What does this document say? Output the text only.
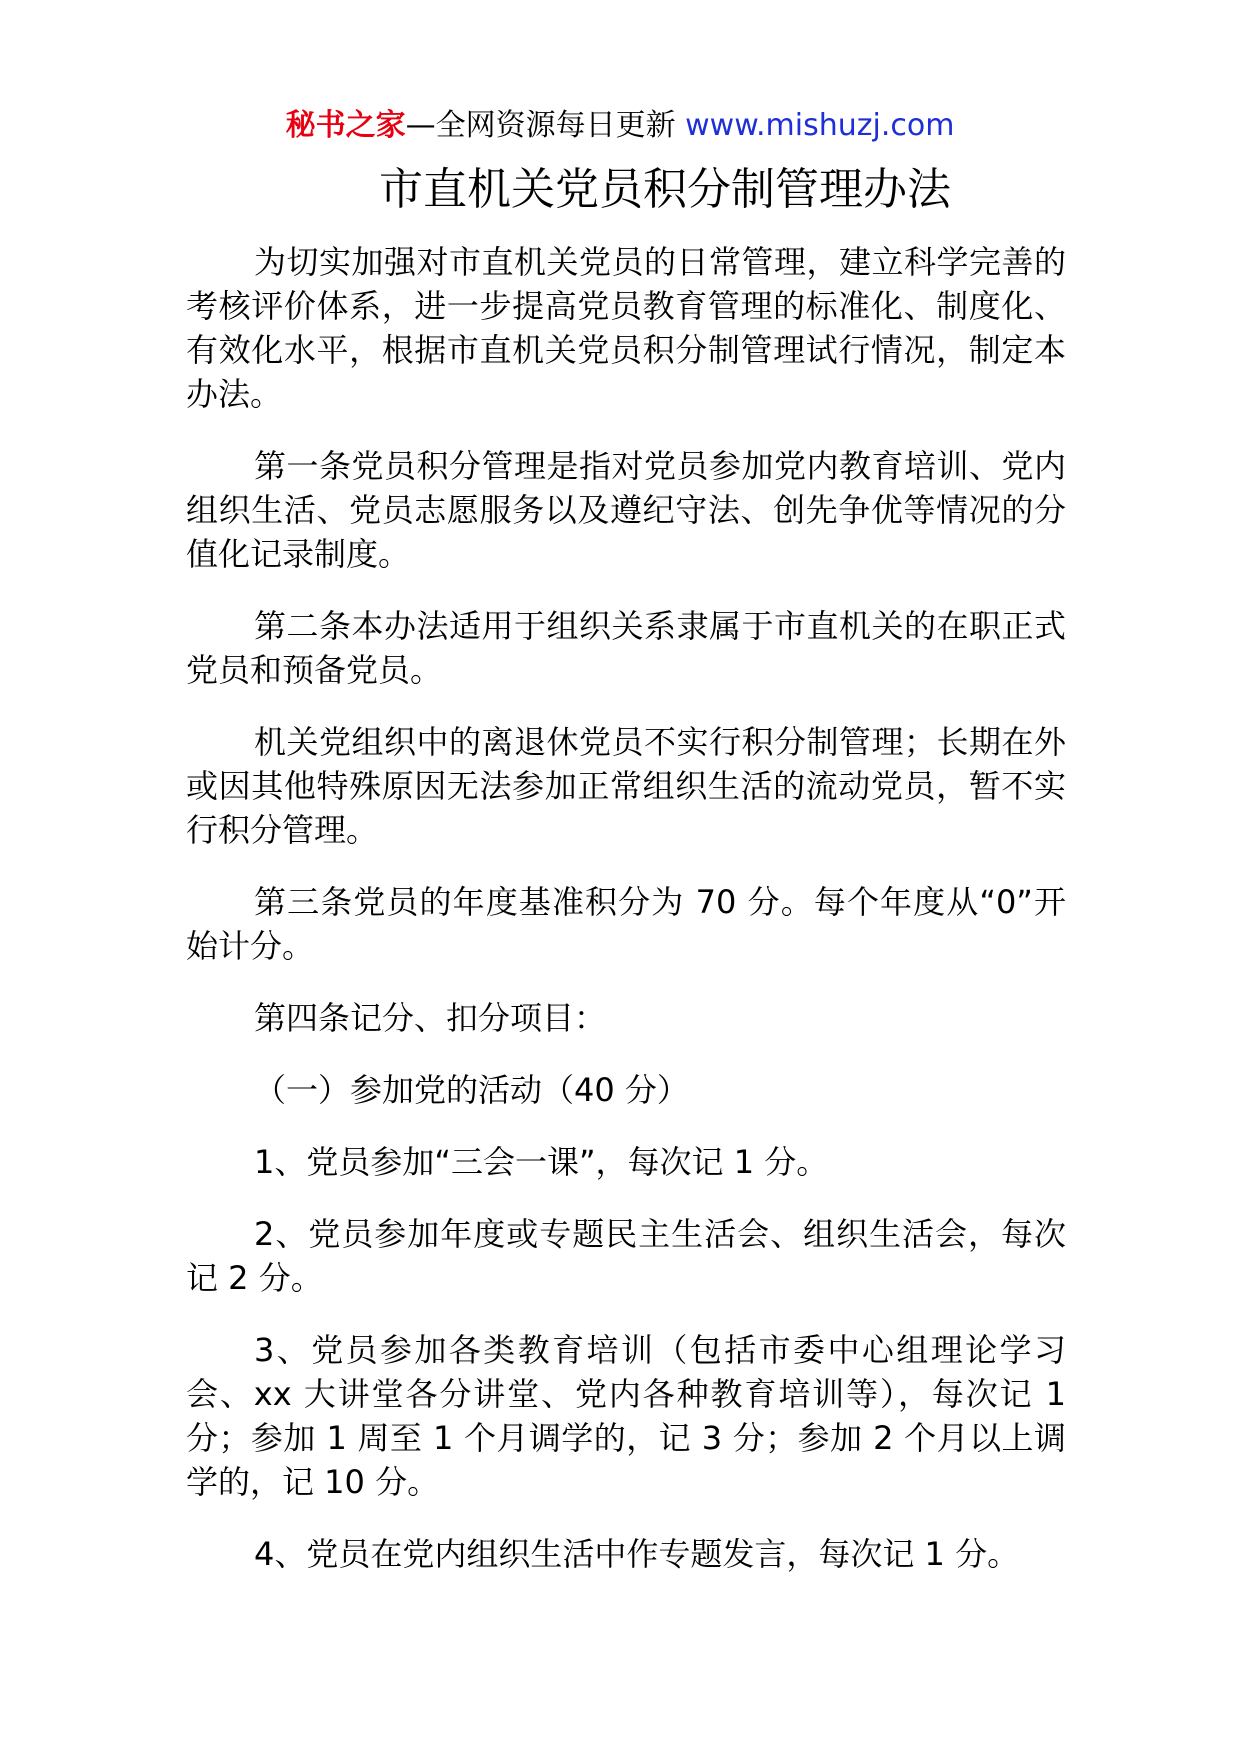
秘书之家—全网资源每日更新 www.mishuzj.com
市直机关党员积分制管理办法

为切实加强对市直机关党员的日常管理，建立科学完善的考核评价体系，进一步提高党员教育管理的标准化、制度化、有效化水平，根据市直机关党员积分制管理试行情况，制定本办法。

第一条党员积分管理是指对党员参加党内教育培训、党内组织生活、党员志愿服务以及遵纪守法、创先争优等情况的分值化记录制度。

第二条本办法适用于组织关系隶属于市直机关的在职正式党员和预备党员。

机关党组织中的离退休党员不实行积分制管理；长期在外或因其他特殊原因无法参加正常组织生活的流动党员，暂不实行积分管理。

第三条党员的年度基准积分为 70 分。每个年度从“0”开始计分。

第四条记分、扣分项目：

（一）参加党的活动（40 分）

1、党员参加“三会一课”，每次记 1 分。

2、党员参加年度或专题民主生活会、组织生活会，每次记 2 分。

3、党员参加各类教育培训（包括市委中心组理论学习会、xx 大讲堂各分讲堂、党内各种教育培训等），每次记 1 分；参加 1 周至 1 个月调学的，记 3 分；参加 2 个月以上调学的，记 10 分。

4、党员在党内组织生活中作专题发言，每次记 1 分。
